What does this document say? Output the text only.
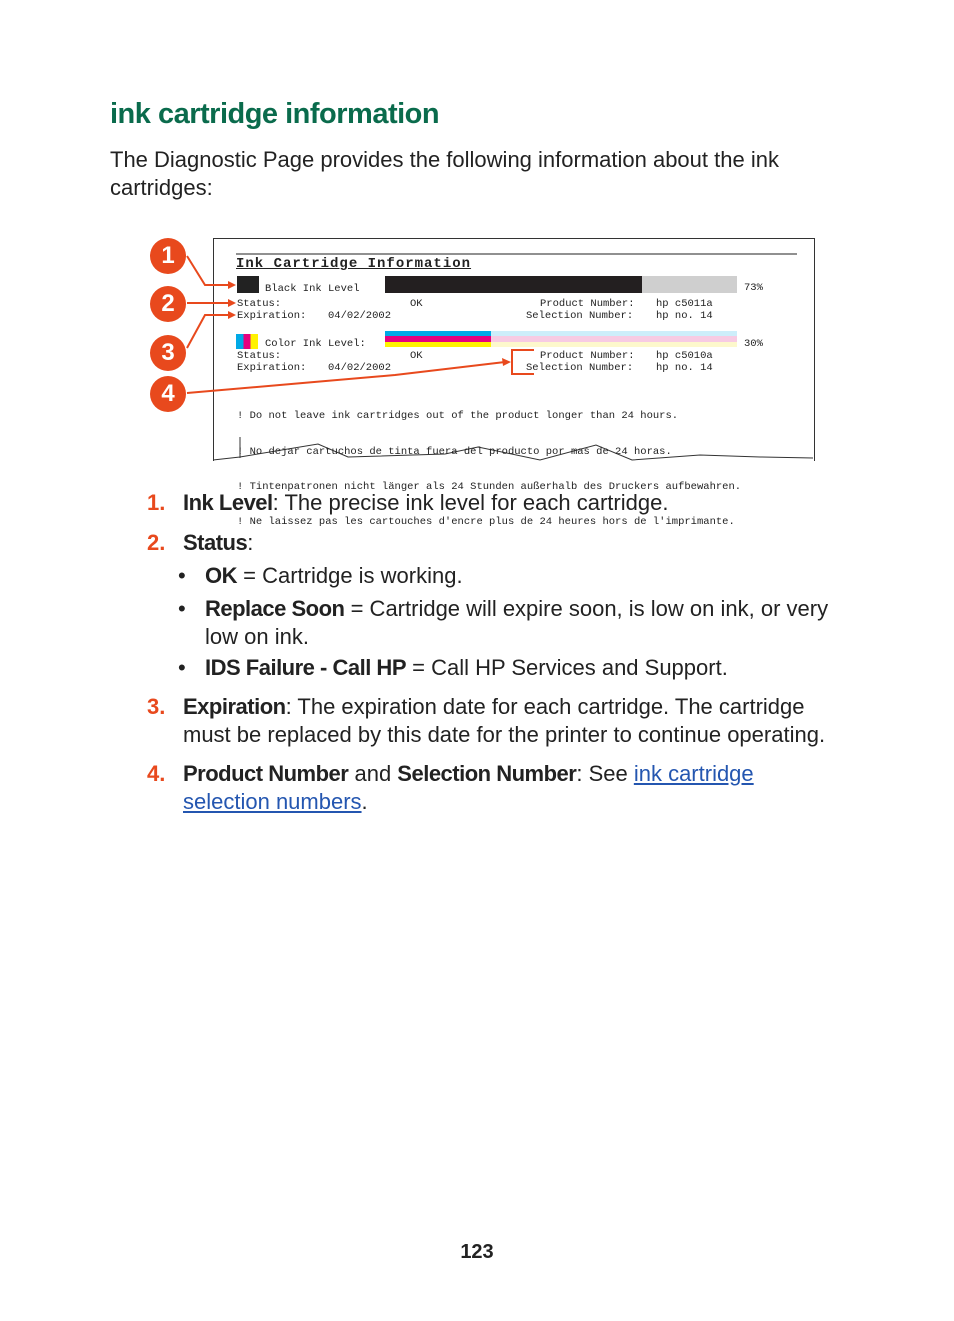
ink cartridge information
The Diagnostic Page provides the following information about the ink cartridges:
1
2
3
4
Ink Cartridge Information
Black Ink Level	73%
Status:	OK
Expiration: 04/02/2002
Product Number: hp c5011a
Selection Number: hp no. 14
Color Ink Level:	30%
Status:	OK
Expiration: 04/02/2002
Product Number: hp c5010a
Selection Number: hp no. 14

! Do not leave ink cartridges out of the product longer than 24 hours.

! No dejar cartuchos de tinta fuera del producto por mas de 24 horas.

! Tintenpatronen nicht länger als 24 Stunden außerhalb des Druckers aufbewahren.

! Ne laissez pas les cartouches d'encre plus de 24 heures hors de l'imprimante.

1. Ink Level: The precise ink level for each cartridge.
2. Status:
• OK = Cartridge is working.
• Replace Soon = Cartridge will expire soon, is low on ink, or very low on ink.
• IDS Failure - Call HP = Call HP Services and Support.
3. Expiration: The expiration date for each cartridge. The cartridge must be replaced by this date for the printer to continue operating.
4. Product Number and Selection Number: See ink cartridge selection numbers.
123
